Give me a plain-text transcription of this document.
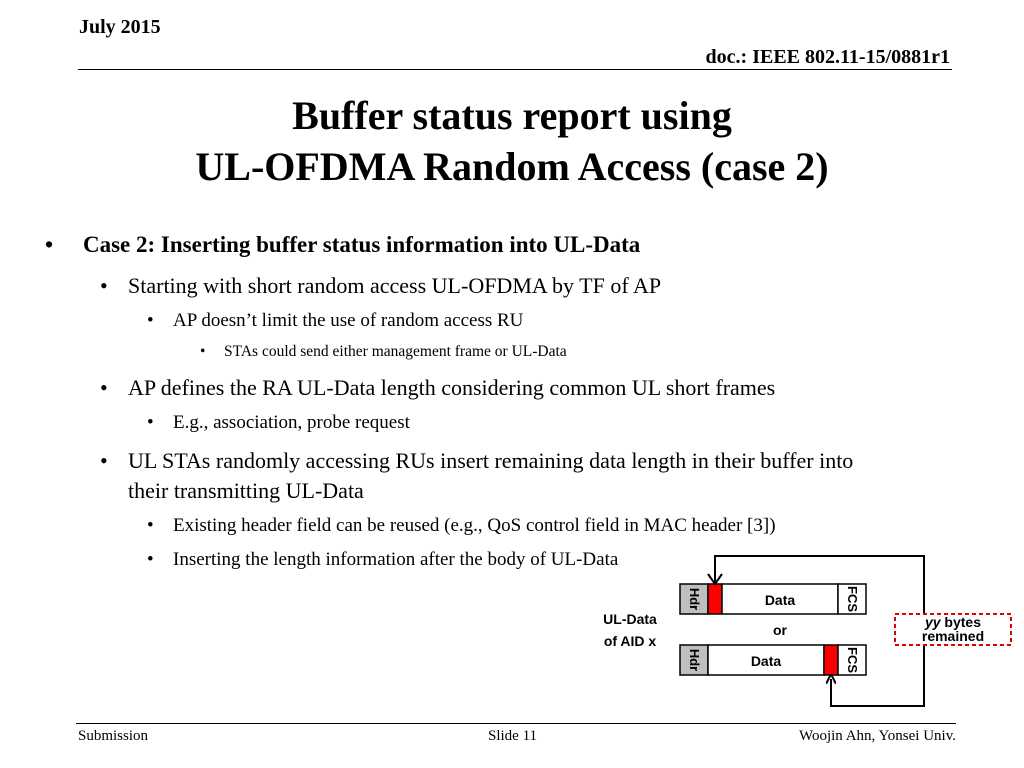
July 2015
doc.: IEEE 802.11-15/0881r1
Buffer status report using
UL-OFDMA Random Access (case 2)
• Case 2: Inserting buffer status information into UL-Data
• Starting with short random access UL-OFDMA by TF of AP
• AP doesn’t limit the use of random access RU
• STAs could send either management frame or UL-Data
• AP defines the RA UL-Data length considering common UL short frames
• E.g., association, probe request
• UL STAs randomly accessing RUs insert remaining data length in their buffer into
their transmitting UL-Data
• Existing header field can be reused (e.g., QoS control field in MAC header [3])
• Inserting the length information after the body of UL-Data
UL-Data
of AID x
Data
Hdr	FCS
or
Data
Hdr	FCS
yy bytes
remained
Submission	Slide 11	Woojin Ahn, Yonsei Univ.
